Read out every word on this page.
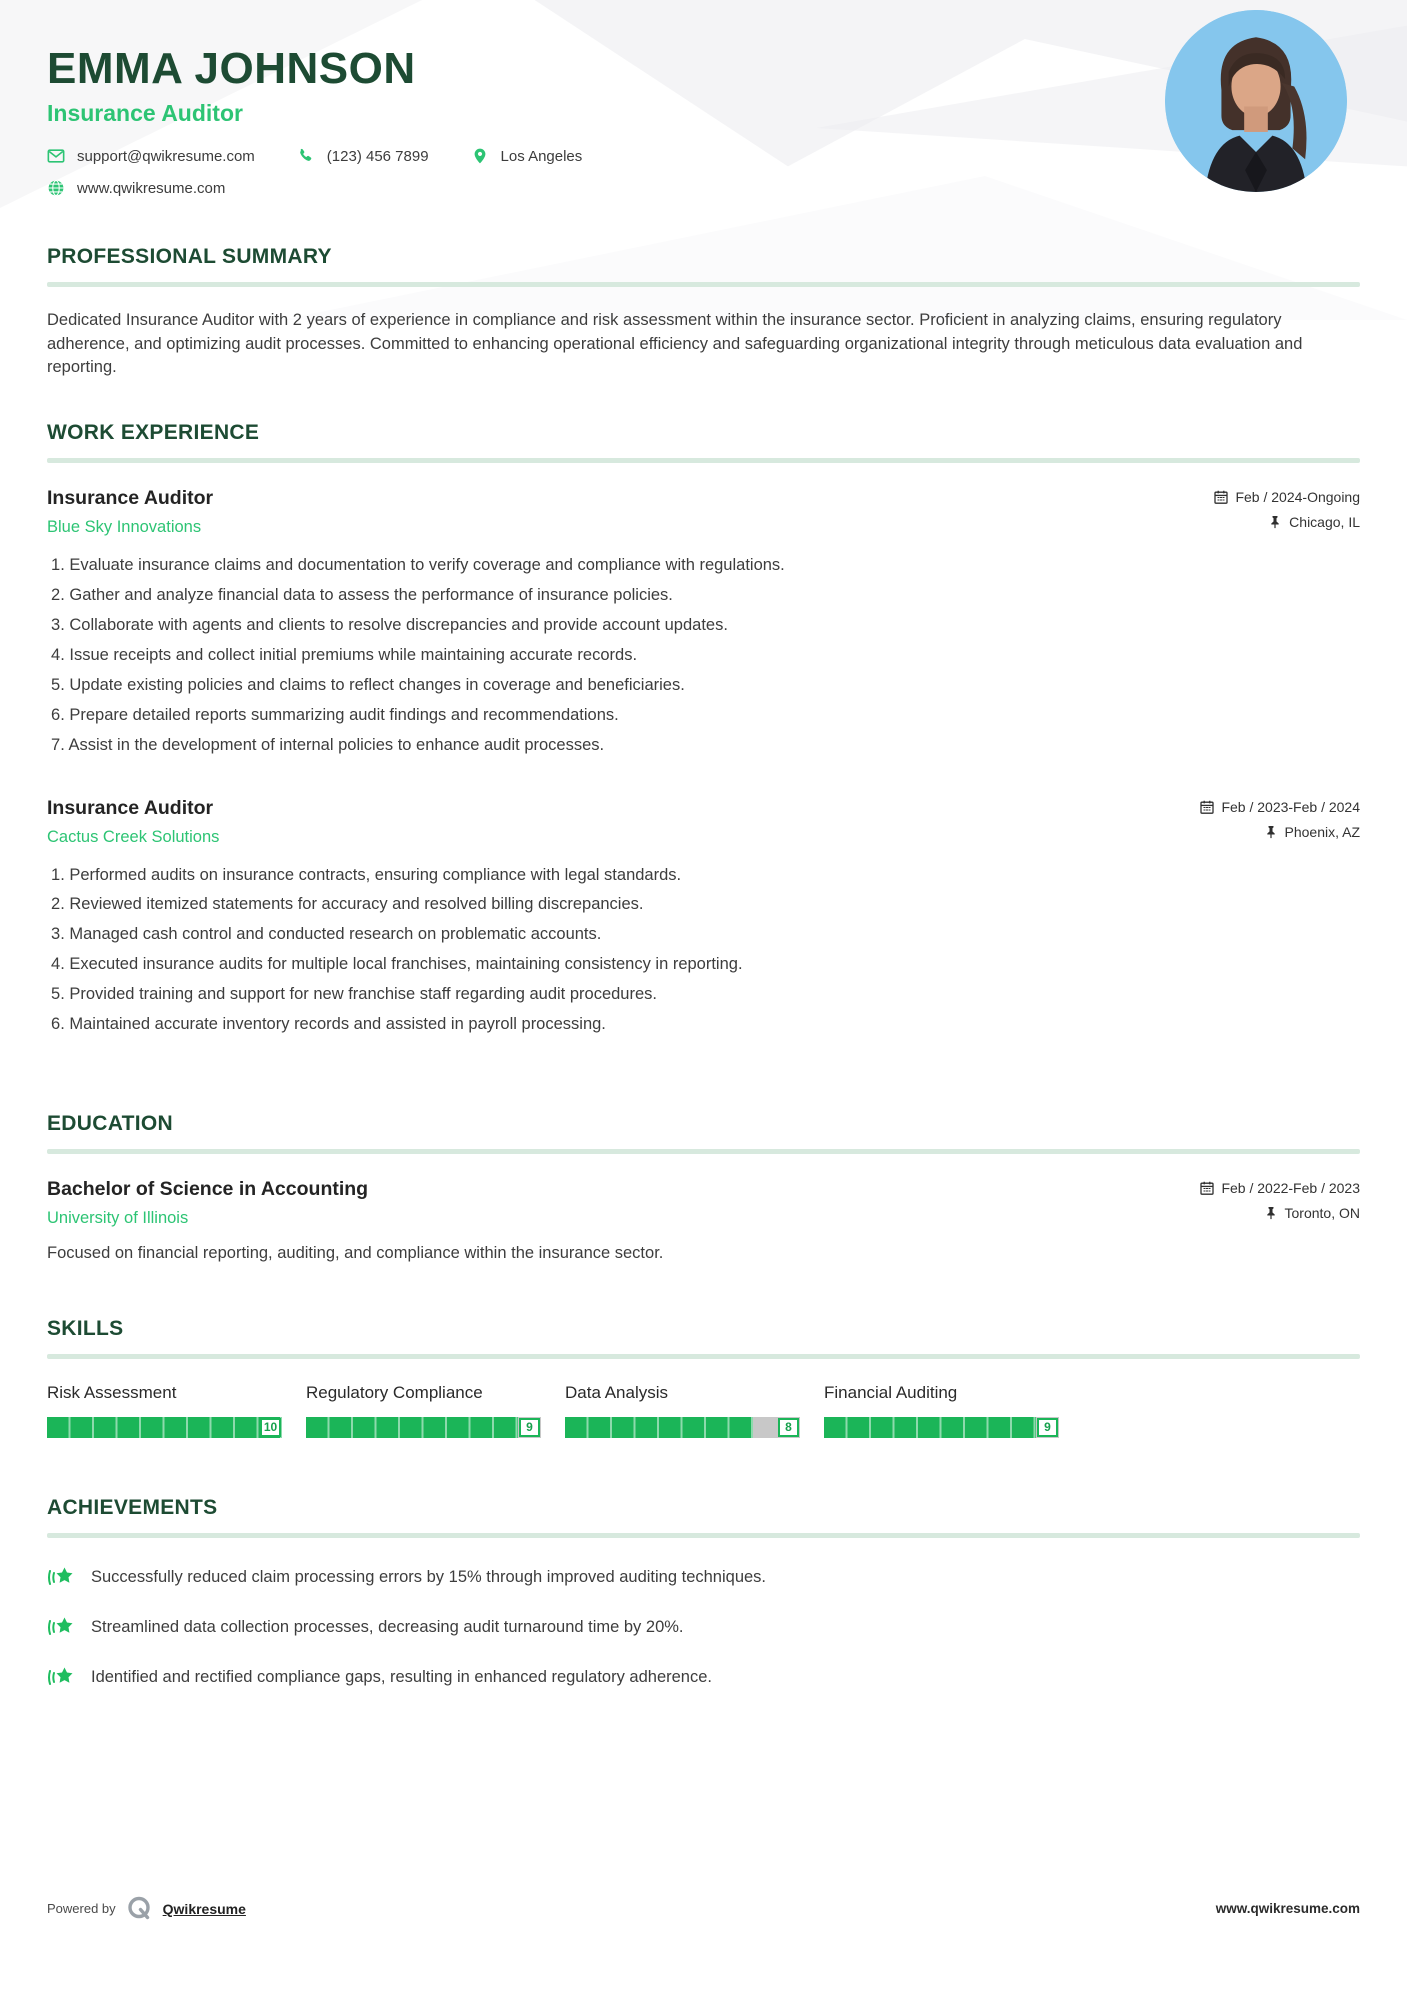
EMMA JOHNSON
Insurance Auditor
support@qwikresume.com	(123) 456 7899	Los Angeles
www.qwikresume.com
PROFESSIONAL SUMMARY
Dedicated Insurance Auditor with 2 years of experience in compliance and risk assessment within the insurance sector. Proficient in analyzing claims, ensuring regulatory adherence, and optimizing audit processes. Committed to enhancing operational efficiency and safeguarding organizational integrity through meticulous data evaluation and reporting.
WORK EXPERIENCE
Insurance Auditor
Blue Sky Innovations
Feb / 2024-Ongoing
Chicago, IL
Evaluate insurance claims and documentation to verify coverage and compliance with regulations.
Gather and analyze financial data to assess the performance of insurance policies.
Collaborate with agents and clients to resolve discrepancies and provide account updates.
Issue receipts and collect initial premiums while maintaining accurate records.
Update existing policies and claims to reflect changes in coverage and beneficiaries.
Prepare detailed reports summarizing audit findings and recommendations.
Assist in the development of internal policies to enhance audit processes.
Insurance Auditor
Cactus Creek Solutions
Feb / 2023-Feb / 2024
Phoenix, AZ
Performed audits on insurance contracts, ensuring compliance with legal standards.
Reviewed itemized statements for accuracy and resolved billing discrepancies.
Managed cash control and conducted research on problematic accounts.
Executed insurance audits for multiple local franchises, maintaining consistency in reporting.
Provided training and support for new franchise staff regarding audit procedures.
Maintained accurate inventory records and assisted in payroll processing.
EDUCATION
Bachelor of Science in Accounting
University of Illinois
Feb / 2022-Feb / 2023
Toronto, ON
Focused on financial reporting, auditing, and compliance within the insurance sector.
SKILLS
Risk Assessment
10
Regulatory Compliance
9
Data Analysis
8
Financial Auditing
9
ACHIEVEMENTS
Successfully reduced claim processing errors by 15% through improved auditing techniques.
Streamlined data collection processes, decreasing audit turnaround time by 20%.
Identified and rectified compliance gaps, resulting in enhanced regulatory adherence.
Powered by	Qwikresume	www.qwikresume.com
